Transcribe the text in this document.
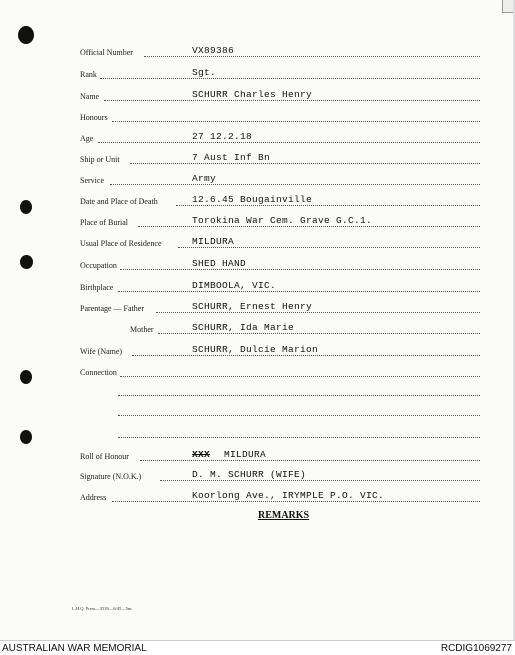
Official Number	VX89386
Rank	Sgt.
Name	SCHURR Charles Henry
Honours
Age	27 12.2.18
Ship or Unit	7 Aust Inf Bn
Service	Army
Date and Place of Death	12.6.45 Bougainville
Place of Burial	Torokina War Cem. Grave G.C.1.
Usual Place of Residence	MILDURA
Occupation	SHED HAND
Birthplace	DIMBOOLA, VIC.
Parentage — Father	SCHURR, Ernest Henry
Mother	SCHURR, Ida Marie
Wife (Name)	SCHURR, Dulcie Marion
Connection
Roll of Honour	XXX MILDURA
Signature (N.O.K.)	D. M. SCHURR (WIFE)
Address	Koorlong Ave., IRYMPLE P.O. VIC.
REMARKS
L.H.Q. Press—3539—6/45—5m.
AUSTRALIAN WAR MEMORIAL	RCDIG1069277
